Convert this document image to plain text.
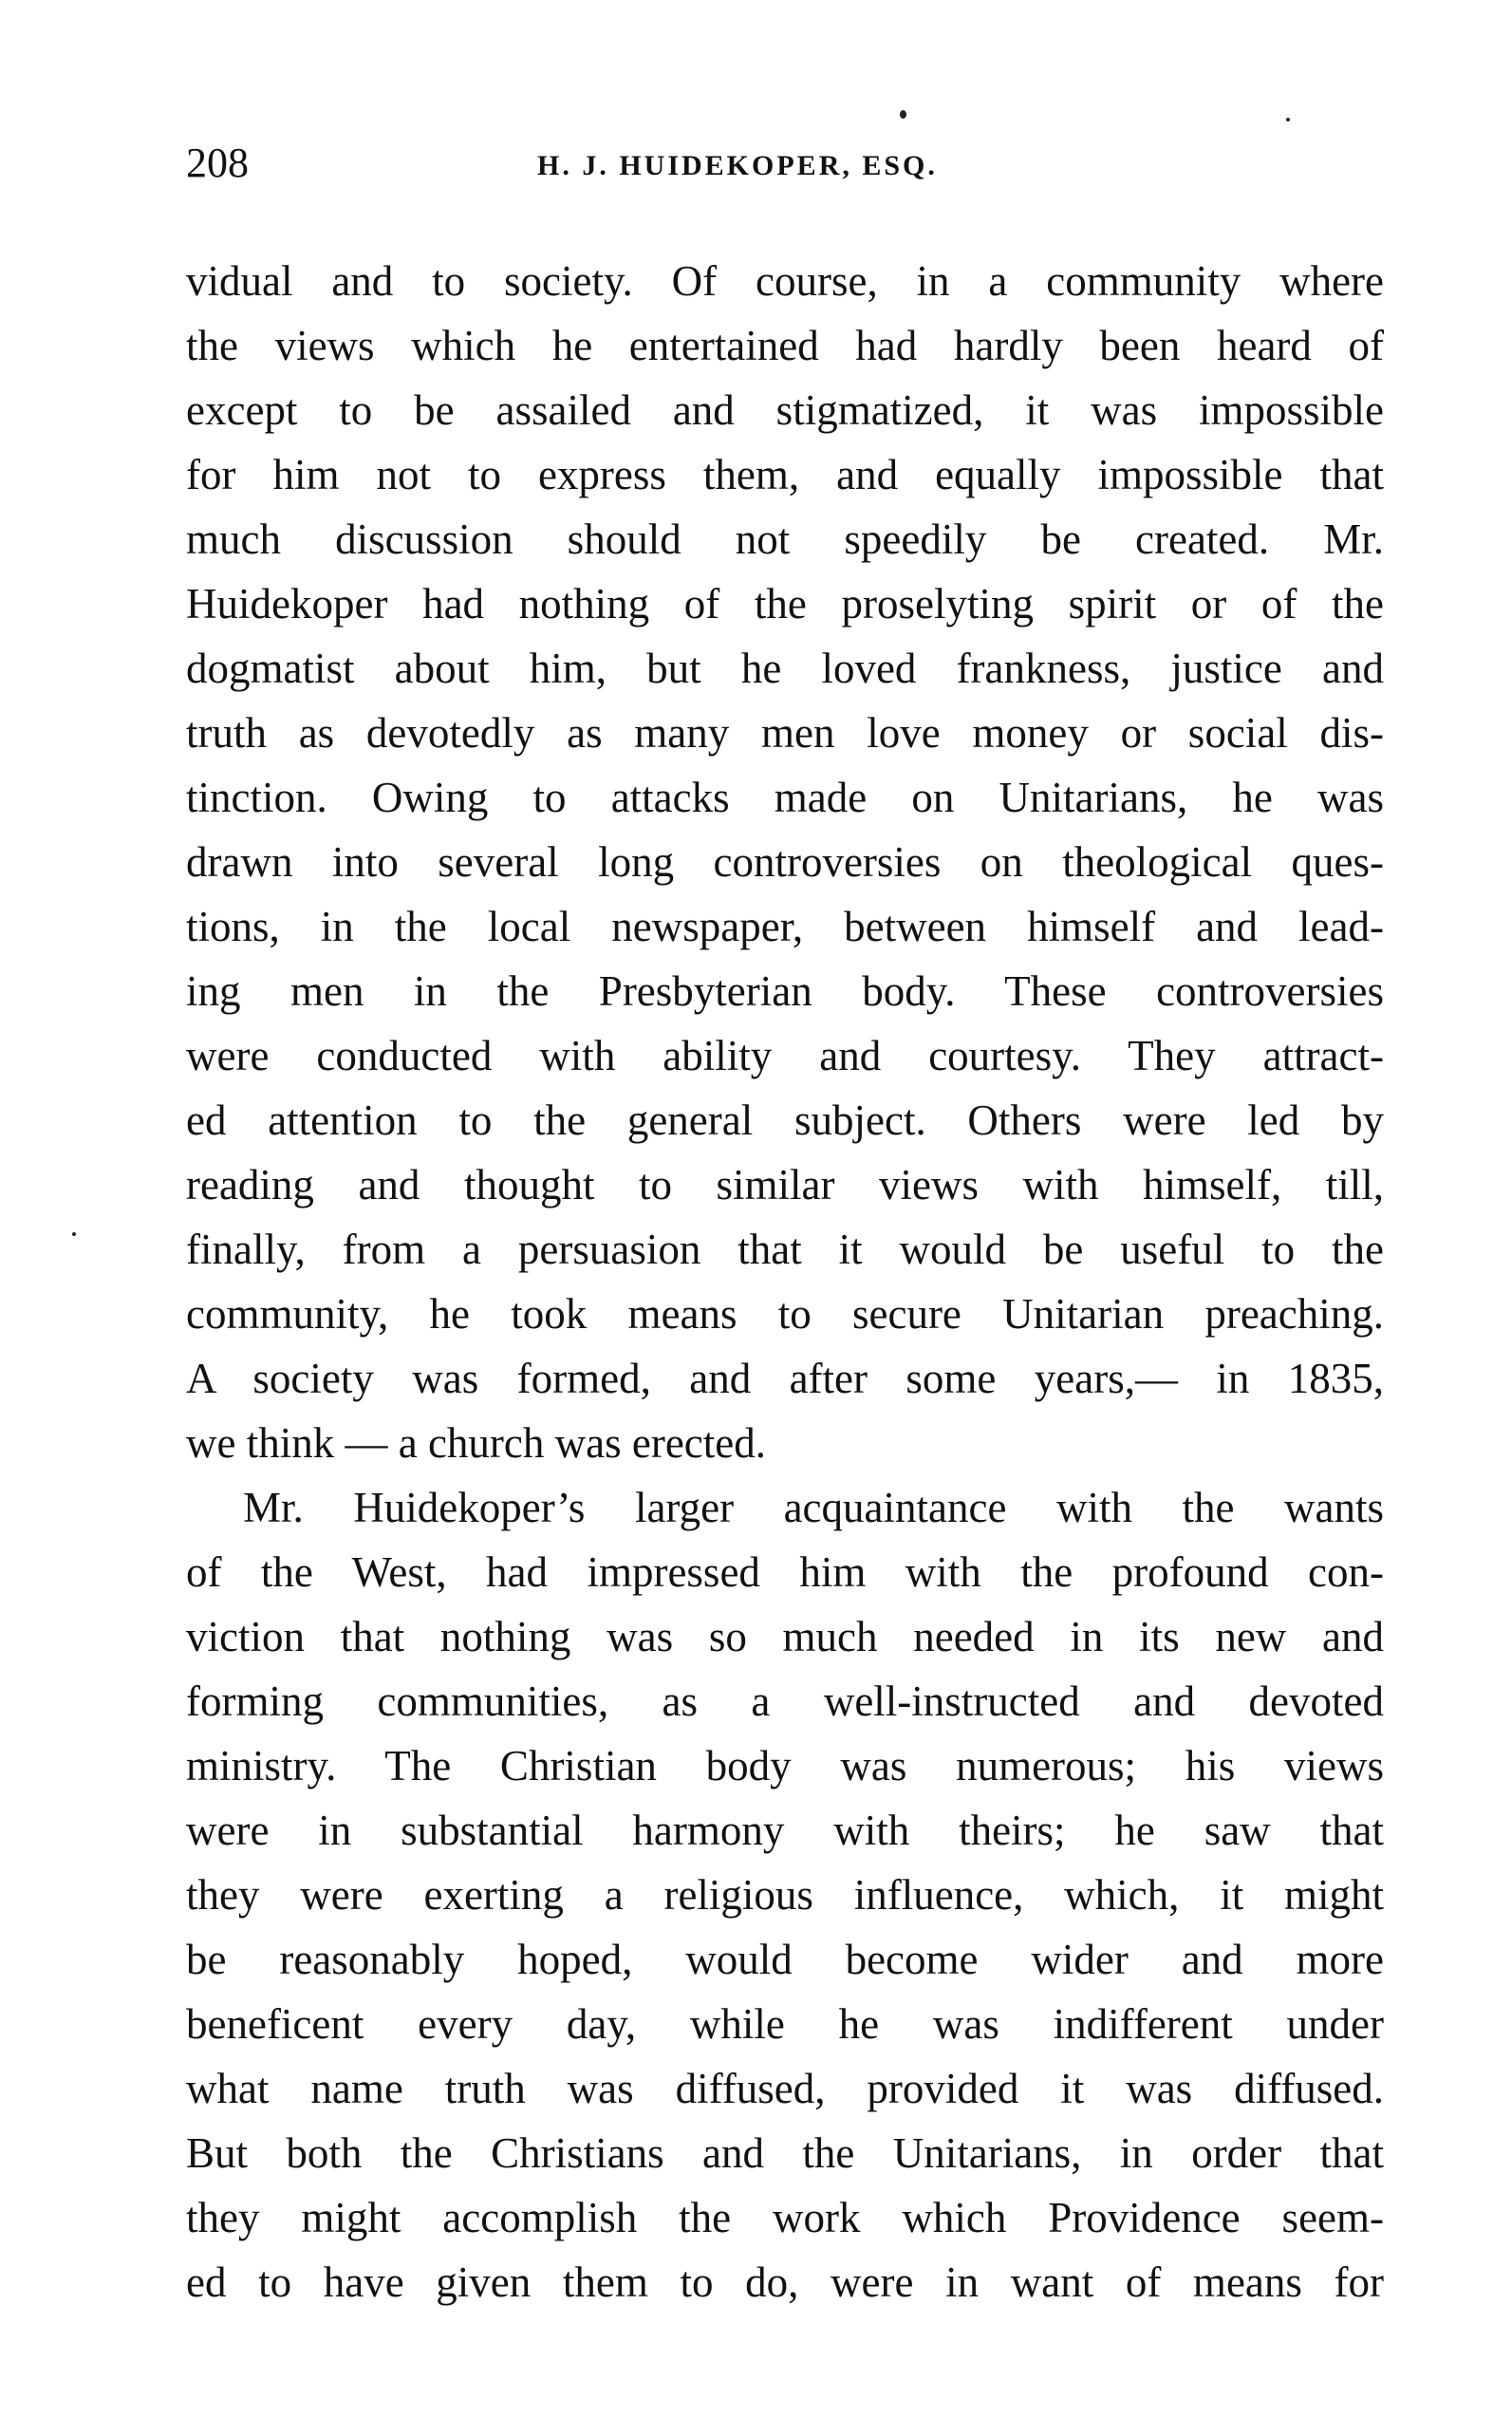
208	H. J. HUIDEKOPER, ESQ.
vidual and to society. Of course, in a community where
the views which he entertained had hardly been heard of
except to be assailed and stigmatized, it was impossible
for him not to express them, and equally impossible that
much discussion should not speedily be created. Mr.
Huidekoper had nothing of the proselyting spirit or of the
dogmatist about him, but he loved frankness, justice and
truth as devotedly as many men love money or social dis-
tinction. Owing to attacks made on Unitarians, he was
drawn into several long controversies on theological ques-
tions, in the local newspaper, between himself and lead-
ing men in the Presbyterian body. These controversies
were conducted with ability and courtesy. They attract-
ed attention to the general subject. Others were led by
reading and thought to similar views with himself, till,
finally, from a persuasion that it would be useful to the
community, he took means to secure Unitarian preaching.
A society was formed, and after some years,— in 1835,
we think — a church was erected.
Mr. Huidekoper’s larger acquaintance with the wants
of the West, had impressed him with the profound con-
viction that nothing was so much needed in its new and
forming communities, as a well-instructed and devoted
ministry. The Christian body was numerous; his views
were in substantial harmony with theirs; he saw that
they were exerting a religious influence, which, it might
be reasonably hoped, would become wider and more
beneficent every day, while he was indifferent under
what name truth was diffused, provided it was diffused.
But both the Christians and the Unitarians, in order that
they might accomplish the work which Providence seem-
ed to have given them to do, were in want of means for
